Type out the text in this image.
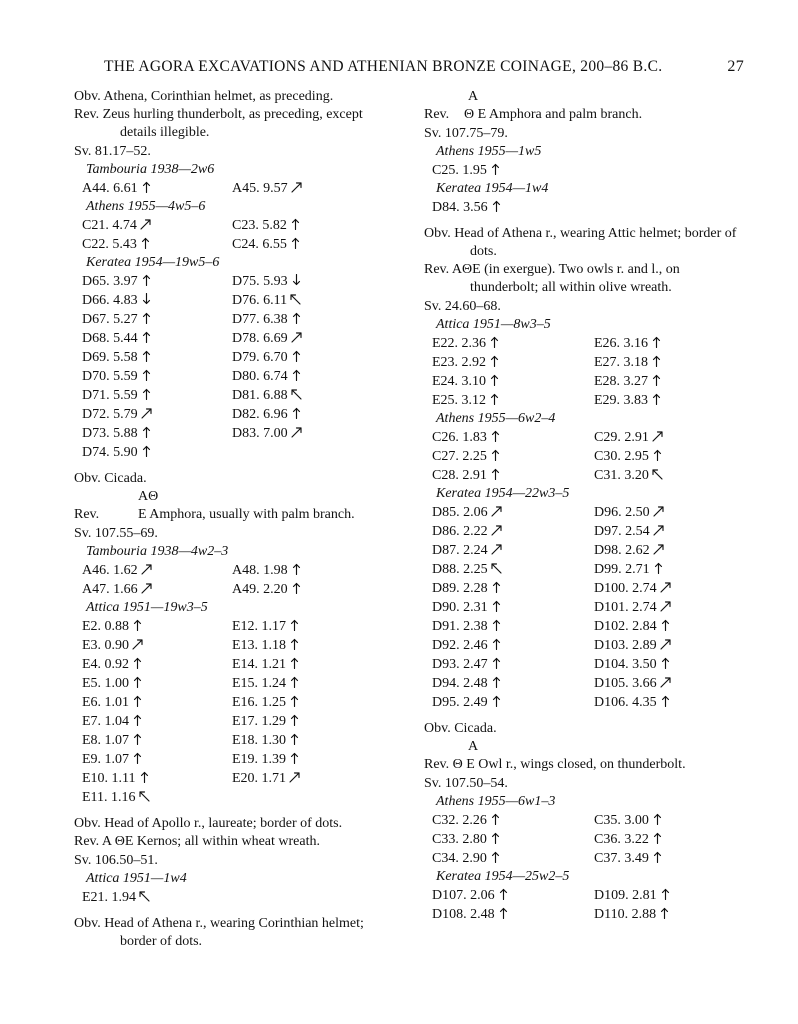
THE AGORA EXCAVATIONS AND ATHENIAN BRONZE COINAGE, 200–86 B.C.	27
Obv. Athena, Corinthian helmet, as preceding.
Rev. Zeus hurling thunderbolt, as preceding, except details illegible.
Sv. 81.17–52.
Tambouria 1938—2w6
A44. 6.61	A45. 9.57
Athens 1955—4w5–6
C21. 4.74	C23. 5.82
C22. 5.43	C24. 6.55
Keratea 1954—19w5–6
D65. 3.97	D75. 5.93
D66. 4.83	D76. 6.11
D67. 5.27	D77. 6.38
D68. 5.44	D78. 6.69
D69. 5.58	D79. 6.70
D70. 5.59	D80. 6.74
D71. 5.59	D81. 6.88
D72. 5.79	D82. 6.96
D73. 5.88	D83. 7.00
D74. 5.90
Obv. Cicada.
AΘ
Rev.	E Amphora, usually with palm branch.
Sv. 107.55–69.
Tambouria 1938—4w2–3
A46. 1.62	A48. 1.98
A47. 1.66	A49. 2.20
Attica 1951—19w3–5
E2. 0.88	E12. 1.17
E3. 0.90	E13. 1.18
E4. 0.92	E14. 1.21
E5. 1.00	E15. 1.24
E6. 1.01	E16. 1.25
E7. 1.04	E17. 1.29
E8. 1.07	E18. 1.30
E9. 1.07	E19. 1.39
E10. 1.11	E20. 1.71
E11. 1.16
Obv. Head of Apollo r., laureate; border of dots.
Rev. A ΘE Kernos; all within wheat wreath.
Sv. 106.50–51.
Attica 1951—1w4
E21. 1.94
Obv. Head of Athena r., wearing Corinthian helmet; border of dots.
A
Rev. Θ E Amphora and palm branch.
Sv. 107.75–79.
Athens 1955—1w5
C25. 1.95
Keratea 1954—1w4
D84. 3.56
Obv. Head of Athena r., wearing Attic helmet; border of dots.
Rev. AΘE (in exergue). Two owls r. and l., on thunderbolt; all within olive wreath.
Sv. 24.60–68.
Attica 1951—8w3–5
E22. 2.36	E26. 3.16
E23. 2.92	E27. 3.18
E24. 3.10	E28. 3.27
E25. 3.12	E29. 3.83
Athens 1955—6w2–4
C26. 1.83	C29. 2.91
C27. 2.25	C30. 2.95
C28. 2.91	C31. 3.20
Keratea 1954—22w3–5
D85. 2.06	D96. 2.50
D86. 2.22	D97. 2.54
D87. 2.24	D98. 2.62
D88. 2.25	D99. 2.71
D89. 2.28	D100. 2.74
D90. 2.31	D101. 2.74
D91. 2.38	D102. 2.84
D92. 2.46	D103. 2.89
D93. 2.47	D104. 3.50
D94. 2.48	D105. 3.66
D95. 2.49	D106. 4.35
Obv. Cicada.
A
Rev. Θ E Owl r., wings closed, on thunderbolt.
Sv. 107.50–54.
Athens 1955—6w1–3
C32. 2.26	C35. 3.00
C33. 2.80	C36. 3.22
C34. 2.90	C37. 3.49
Keratea 1954—25w2–5
D107. 2.06	D109. 2.81
D108. 2.48	D110. 2.88
